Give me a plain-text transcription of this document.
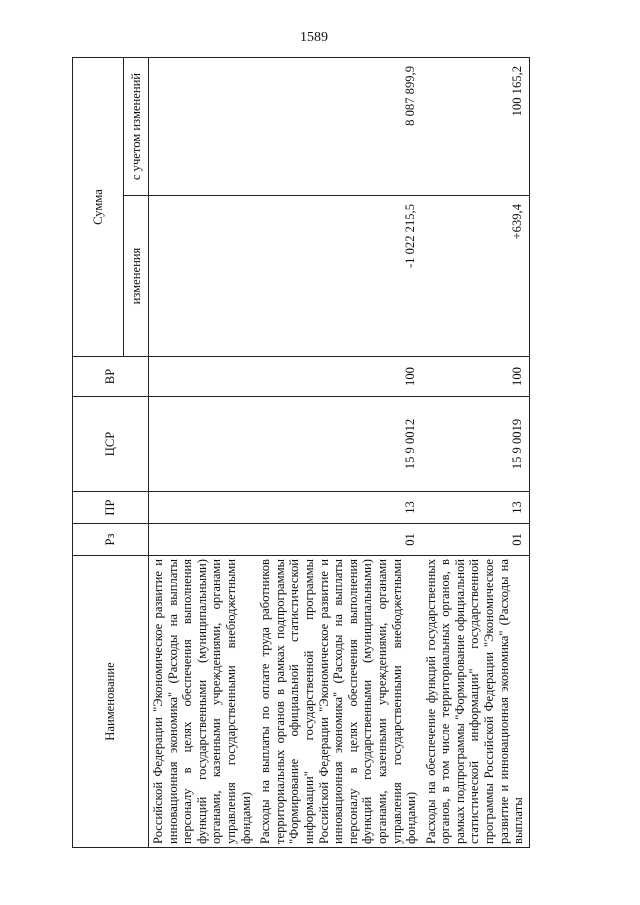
1589
Наименование	Рз	ПР	ЦСР	ВР	Сумма	
					изменения	с учетом изменений
Российской Федерации "Экономическое развитие и инновационная экономика" (Расходы на выплаты персоналу в целях обеспечения выполнения функций государственными (муниципальными) органами, казенными учреждениями, органами управления государственными внебюджетными фондами)						
Расходы на выплаты по оплате труда работников территориальных органов в рамках подпрограммы "Формирование официальной статистической информации" государственной программы Российской Федерации "Экономическое развитие и инновационная экономика" (Расходы на выплаты персоналу в целях обеспечения выполнения функций государственными (муниципальными) органами, казенными учреждениями, органами управления государственными внебюджетными фондами)	01	13	15 9 0012	100	-1 022 215,5	8 087 899,9
Расходы на обеспечение функций государственных органов, в том числе территориальных органов, в рамках подпрограммы "Формирование официальной статистической информации" государственной программы Российской Федерации "Экономическое развитие и инновационная экономика" (Расходы на выплаты	01	13	15 9 0019	100	+639,4	100 165,2
